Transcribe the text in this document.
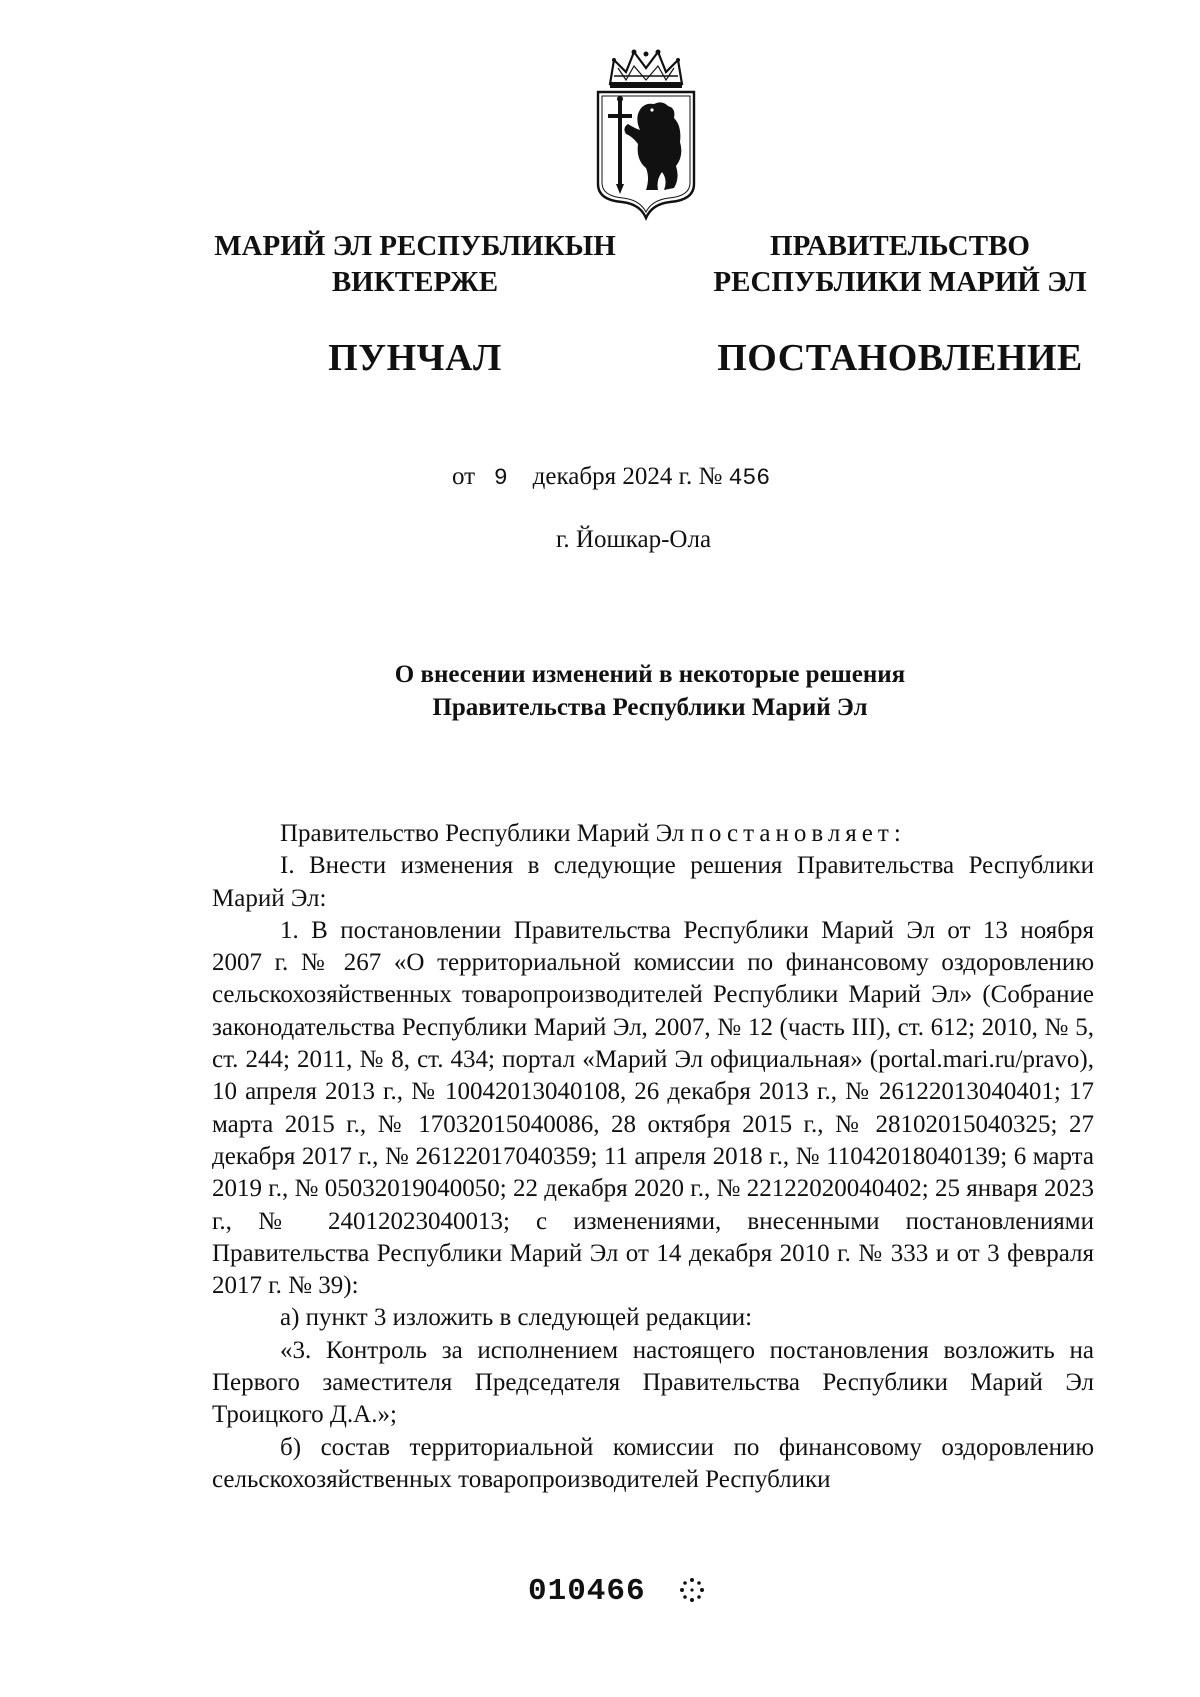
МАРИЙ ЭЛ РЕСПУБЛИКЫН
ВИКТЕРЖЕ
ПУНЧАЛ
ПРАВИТЕЛЬСТВО
РЕСПУБЛИКИ МАРИЙ ЭЛ
ПОСТАНОВЛЕНИЕ
от 9 декабря 2024 г. № 456
г. Йошкар-Ола
О внесении изменений в некоторые решения
Правительства Республики Марий Эл

Правительство Республики Марий Эл постановляет:

I. Внести изменения в следующие решения Правительства Республики Марий Эл:

1. В постановлении Правительства Республики Марий Эл от 13 ноября 2007 г. № 267 «О территориальной комиссии по финансовому оздоровлению сельскохозяйственных товаропроизводителей Республики Марий Эл» (Собрание законодательства Республики Марий Эл, 2007, № 12 (часть III), ст. 612; 2010, № 5, ст. 244; 2011, № 8, ст. 434; портал «Марий Эл официальная» (portal.mari.ru/pravo), 10 апреля 2013 г., № 10042013040108, 26 декабря 2013 г., № 26122013040401; 17 марта 2015 г., № 17032015040086, 28 октября 2015 г., № 28102015040325; 27 декабря 2017 г., № 26122017040359; 11 апреля 2018 г., № 11042018040139; 6 марта 2019 г., № 05032019040050; 22 декабря 2020 г., № 22122020040402; 25 января 2023 г., № 24012023040013; с изменениями, внесенными постановлениями Правительства Республики Марий Эл от 14 декабря 2010 г. № 333 и от 3 февраля 2017 г. № 39):

а) пункт 3 изложить в следующей редакции:

«3. Контроль за исполнением настоящего постановления возложить на Первого заместителя Председателя Правительства Республики Марий Эл Троицкого Д.А.»;

б) состав территориальной комиссии по финансовому оздоровлению сельскохозяйственных товаропроизводителей Республики

010466
